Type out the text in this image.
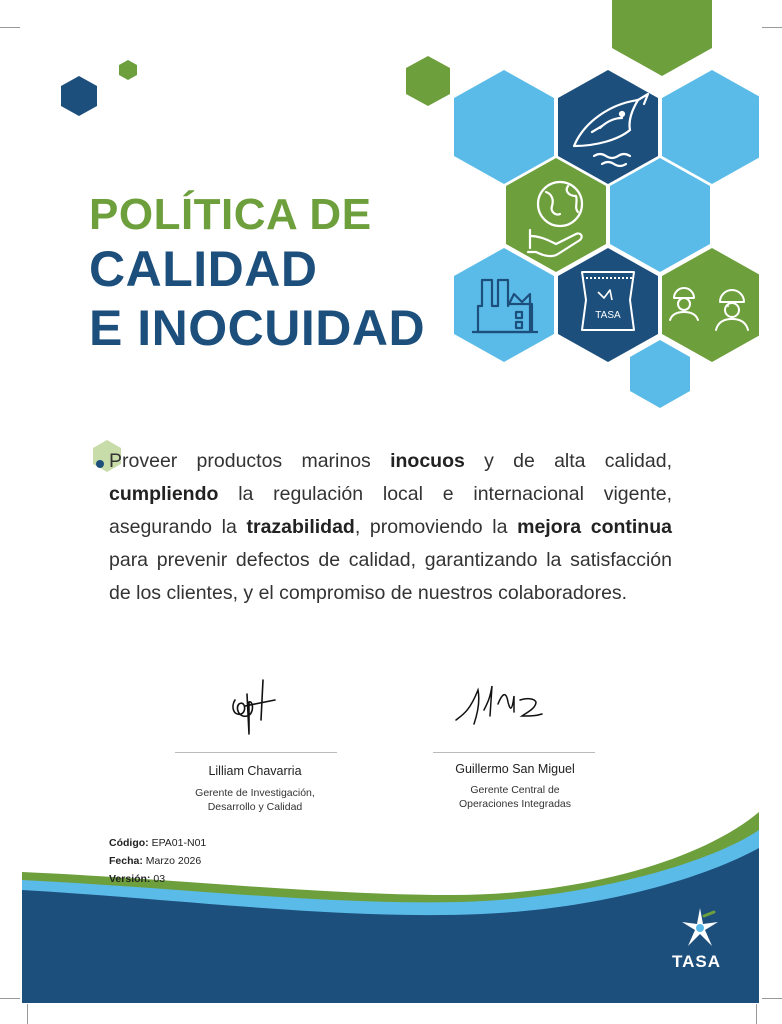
TASA
POLÍTICA DE
CALIDAD
E INOCUIDAD
Proveer productos marinos inocuos y de alta calidad, cumpliendo la regulación local e internacional vigente, asegurando la trazabilidad, promoviendo la mejora continua para prevenir defectos de calidad, garantizando la satisfacción de los clientes, y el compromiso de nuestros colaboradores.
Lilliam Chavarria
Gerente de Investigación,
Desarrollo y Calidad
Guillermo San Miguel
Gerente Central de
Operaciones Integradas
Código: EPA01-N01
Fecha: Marzo 2026
Versión: 03
TASA
